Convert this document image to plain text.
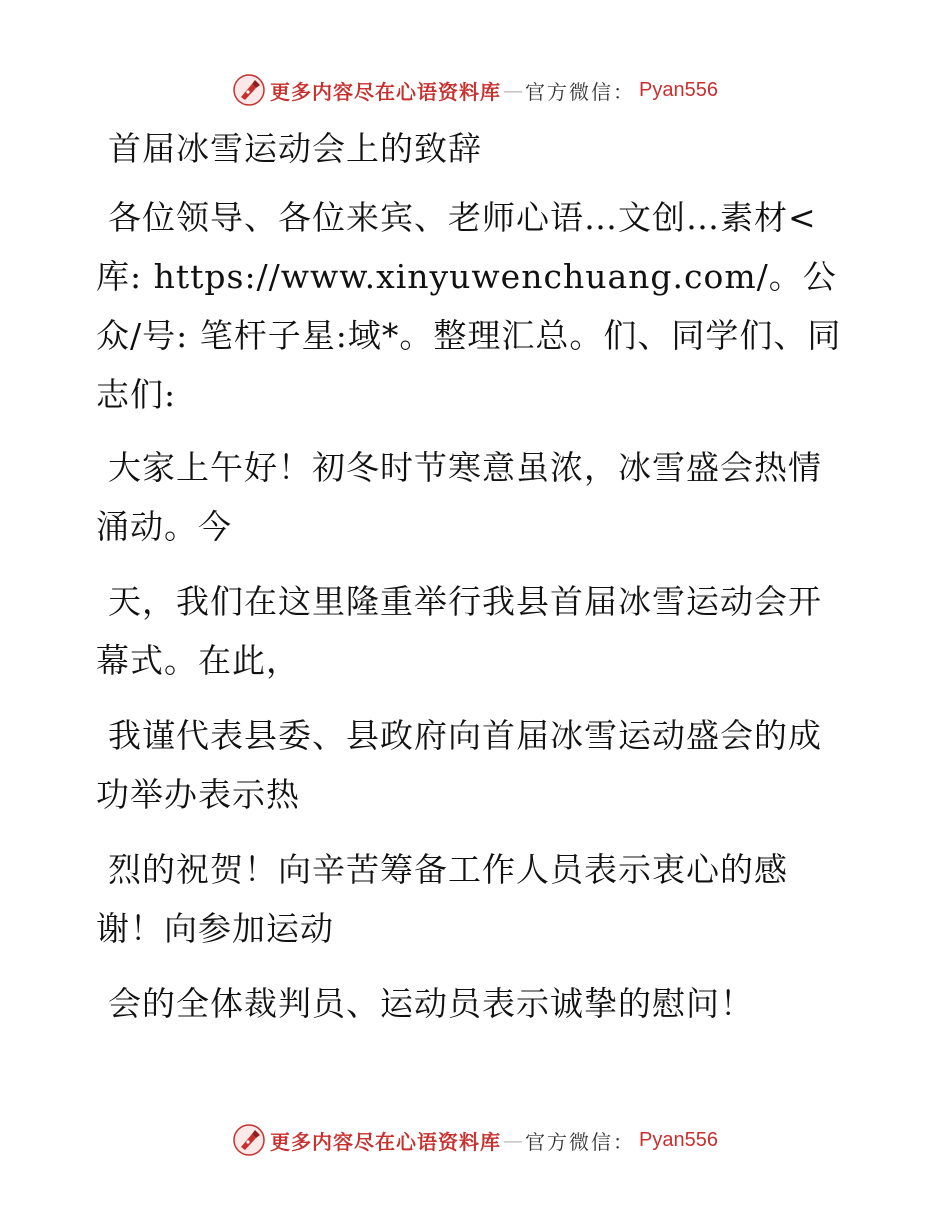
更多内容尽在心语资料库 — 官方微信： Pyan556
首届冰雪运动会上的致辞

各位领导、各位来宾、老师心语…文创…素材<
库: https://www.xinyuwenchuang.com/。公众/号: 笔杆子星:域*。整理汇总。们、同学们、同志们:

大家上午好！初冬时节寒意虽浓，冰雪盛会热情
涌动。今

天，我们在这里隆重举行我县首届冰雪运动会开
幕式。在此，

我谨代表县委、县政府向首届冰雪运动盛会的成
功举办表示热

烈的祝贺！向辛苦筹备工作人员表示衷心的感
谢！向参加运动

会的全体裁判员、运动员表示诚挚的慰问！

更多内容尽在心语资料库 — 官方微信： Pyan556
